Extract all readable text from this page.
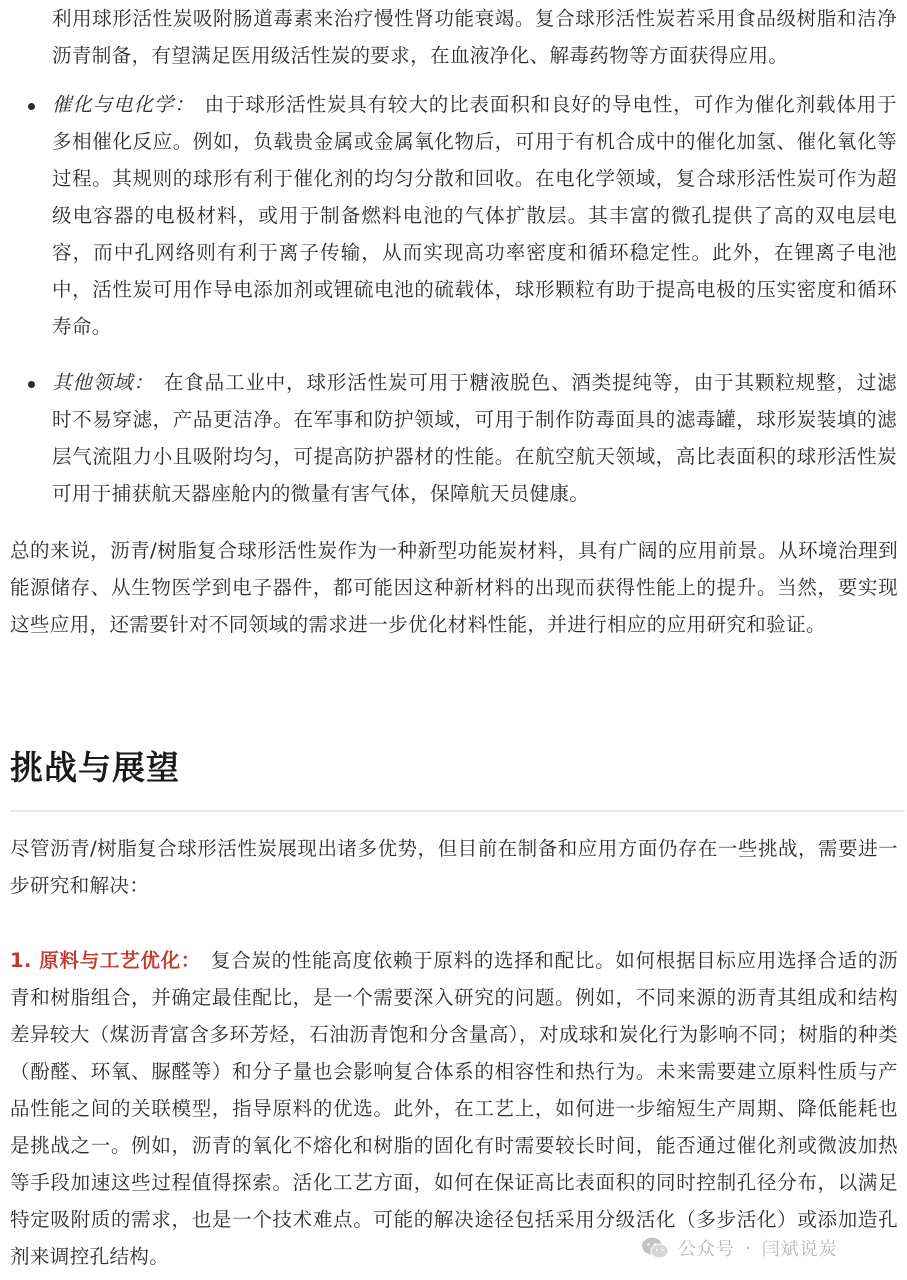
利用球形活性炭吸附肠道毒素来治疗慢性肾功能衰竭。复合球形活性炭若采用食品级树脂和洁净沥青制备，有望满足医用级活性炭的要求，在血液净化、解毒药物等方面获得应用。

催化与电化学： 由于球形活性炭具有较大的比表面积和良好的导电性，可作为催化剂载体用于多相催化反应。例如，负载贵金属或金属氧化物后，可用于有机合成中的催化加氢、催化氧化等过程。其规则的球形有利于催化剂的均匀分散和回收。在电化学领域，复合球形活性炭可作为超级电容器的电极材料，或用于制备燃料电池的气体扩散层。其丰富的微孔提供了高的双电层电容，而中孔网络则有利于离子传输，从而实现高功率密度和循环稳定性。此外，在锂离子电池中，活性炭可用作导电添加剂或锂硫电池的硫载体，球形颗粒有助于提高电极的压实密度和循环寿命。

其他领域： 在食品工业中，球形活性炭可用于糖液脱色、酒类提纯等，由于其颗粒规整，过滤时不易穿滤，产品更洁净。在军事和防护领域，可用于制作防毒面具的滤毒罐，球形炭装填的滤层气流阻力小且吸附均匀，可提高防护器材的性能。在航空航天领域，高比表面积的球形活性炭可用于捕获航天器座舱内的微量有害气体，保障航天员健康。

总的来说，沥青/树脂复合球形活性炭作为一种新型功能炭材料，具有广阔的应用前景。从环境治理到能源储存、从生物医学到电子器件，都可能因这种新材料的出现而获得性能上的提升。当然，要实现这些应用，还需要针对不同领域的需求进一步优化材料性能，并进行相应的应用研究和验证。

挑战与展望

尽管沥青/树脂复合球形活性炭展现出诸多优势，但目前在制备和应用方面仍存在一些挑战，需要进一步研究和解决：

1. 原料与工艺优化： 复合炭的性能高度依赖于原料的选择和配比。如何根据目标应用选择合适的沥青和树脂组合，并确定最佳配比，是一个需要深入研究的问题。例如，不同来源的沥青其组成和结构差异较大（煤沥青富含多环芳烃，石油沥青饱和分含量高），对成球和炭化行为影响不同；树脂的种类（酚醛、环氧、脲醛等）和分子量也会影响复合体系的相容性和热行为。未来需要建立原料性质与产品性能之间的关联模型，指导原料的优选。此外，在工艺上，如何进一步缩短生产周期、降低能耗也是挑战之一。例如，沥青的氧化不熔化和树脂的固化有时需要较长时间，能否通过催化剂或微波加热等手段加速这些过程值得探索。活化工艺方面，如何在保证高比表面积的同时控制孔径分布，以满足特定吸附质的需求，也是一个技术难点。可能的解决途径包括采用分级活化（多步活化）或添加造孔剂来调控孔结构。	公众号 · 闫斌说炭
